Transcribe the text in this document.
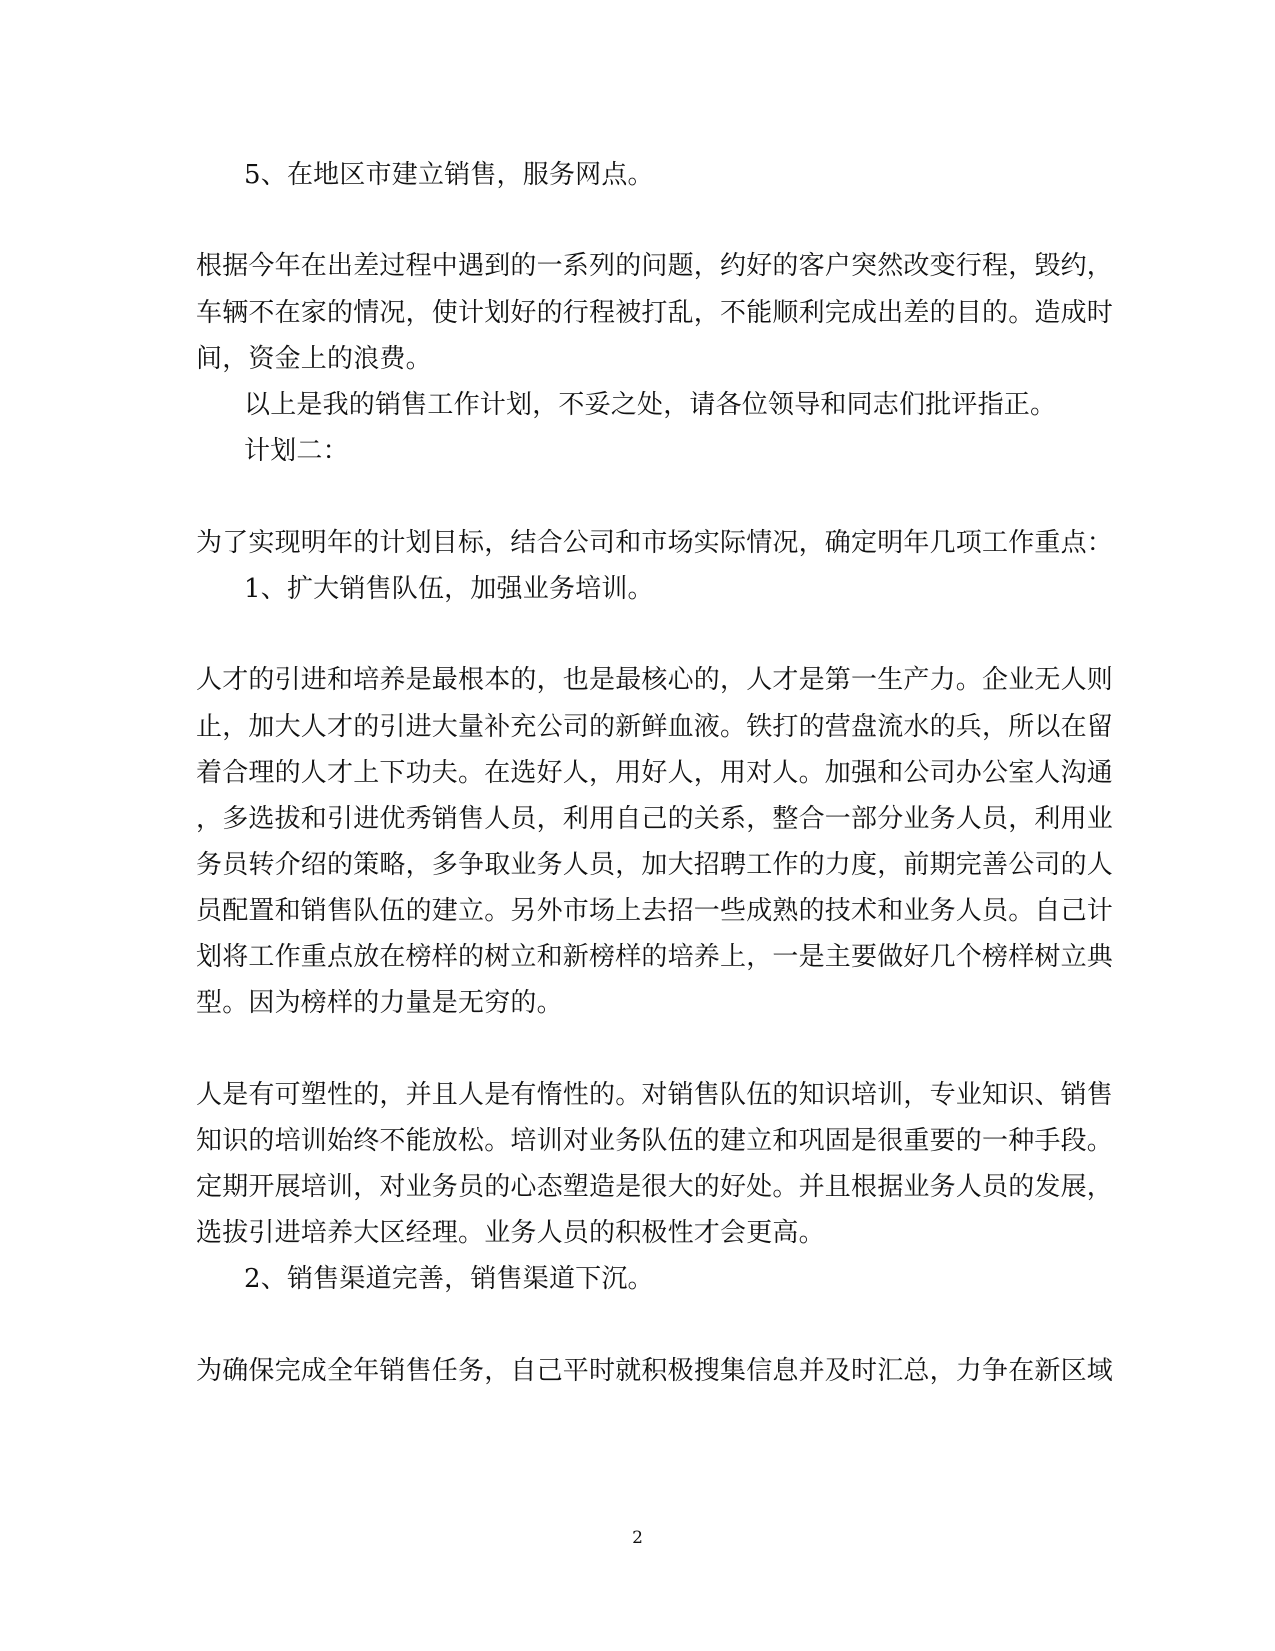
5、在地区市建立销售，服务网点。
根据今年在出差过程中遇到的一系列的问题，约好的客户突然改变行程，毁约，
车辆不在家的情况，使计划好的行程被打乱，不能顺利完成出差的目的。造成时
间，资金上的浪费。
以上是我的销售工作计划，不妥之处，请各位领导和同志们批评指正。
计划二：
为了实现明年的计划目标，结合公司和市场实际情况，确定明年几项工作重点：
1、扩大销售队伍，加强业务培训。
人才的引进和培养是最根本的，也是最核心的，人才是第一生产力。企业无人则
止，加大人才的引进大量补充公司的新鲜血液。铁打的营盘流水的兵，所以在留
着合理的人才上下功夫。在选好人，用好人，用对人。加强和公司办公室人沟通
，多选拔和引进优秀销售人员，利用自己的关系，整合一部分业务人员，利用业
务员转介绍的策略，多争取业务人员，加大招聘工作的力度，前期完善公司的人
员配置和销售队伍的建立。另外市场上去招一些成熟的技术和业务人员。自己计
划将工作重点放在榜样的树立和新榜样的培养上，一是主要做好几个榜样树立典
型。因为榜样的力量是无穷的。
人是有可塑性的，并且人是有惰性的。对销售队伍的知识培训，专业知识、销售
知识的培训始终不能放松。培训对业务队伍的建立和巩固是很重要的一种手段。
定期开展培训，对业务员的心态塑造是很大的好处。并且根据业务人员的发展，
选拔引进培养大区经理。业务人员的积极性才会更高。
2、销售渠道完善，销售渠道下沉。
为确保完成全年销售任务，自己平时就积极搜集信息并及时汇总，力争在新区域
2
